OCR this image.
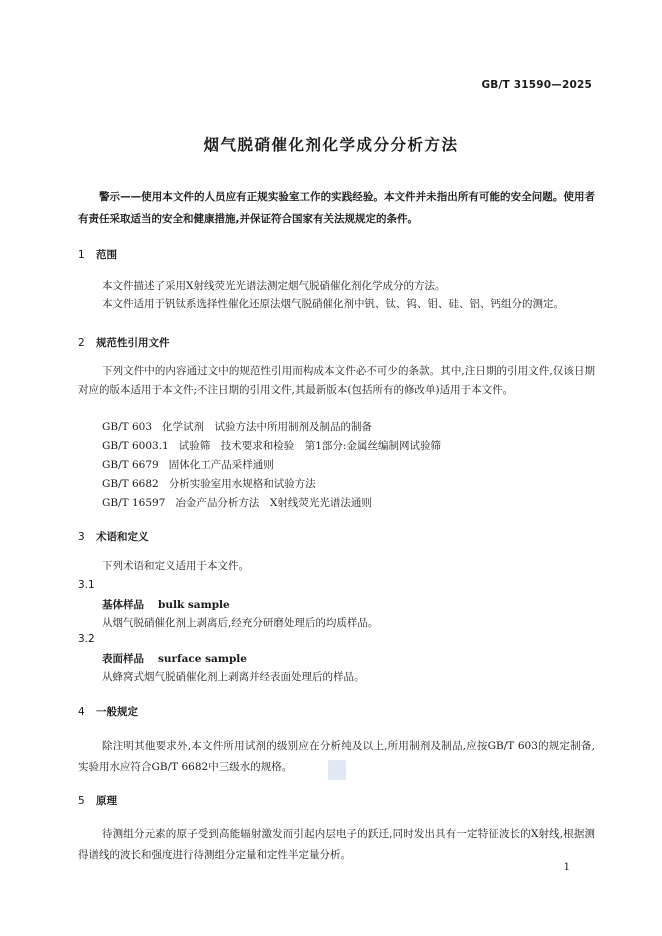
GB/T 31590—2025
烟气脱硝催化剂化学成分分析方法
警示——使用本文件的人员应有正规实验室工作的实践经验。本文件并未指出所有可能的安全问题。使用者有责任采取适当的安全和健康措施,并保证符合国家有关法规规定的条件。
1 范围
本文件描述了采用X射线荧光光谱法测定烟气脱硝催化剂化学成分的方法。
本文件适用于钒钛系选择性催化还原法烟气脱硝催化剂中钒、钛、钨、钼、硅、铝、钙组分的测定。
2 规范性引用文件
下列文件中的内容通过文中的规范性引用而构成本文件必不可少的条款。其中,注日期的引用文件,仅该日期对应的版本适用于本文件;不注日期的引用文件,其最新版本(包括所有的修改单)适用于本文件。
GB/T 603 化学试剂　试验方法中所用制剂及制品的制备
GB/T 6003.1 试验筛　技术要求和检验　第1部分:金属丝编制网试验筛
GB/T 6679 固体化工产品采样通则
GB/T 6682 分析实验室用水规格和试验方法
GB/T 16597 冶金产品分析方法　X射线荧光光谱法通则
3 术语和定义
下列术语和定义适用于本文件。
3.1
基体样品 bulk sample
从烟气脱硝催化剂上剥离后,经充分研磨处理后的均质样品。
3.2
表面样品 surface sample
从蜂窝式烟气脱硝催化剂上剥离并经表面处理后的样品。
4 一般规定
除注明其他要求外,本文件所用试剂的级别应在分析纯及以上,所用制剂及制品,应按GB/T 603的规定制备,实验用水应符合GB/T 6682中三级水的规格。
5 原理
待测组分元素的原子受到高能辐射激发而引起内层电子的跃迁,同时发出具有一定特征波长的X射线,根据测得谱线的波长和强度进行待测组分定量和定性半定量分析。
1
